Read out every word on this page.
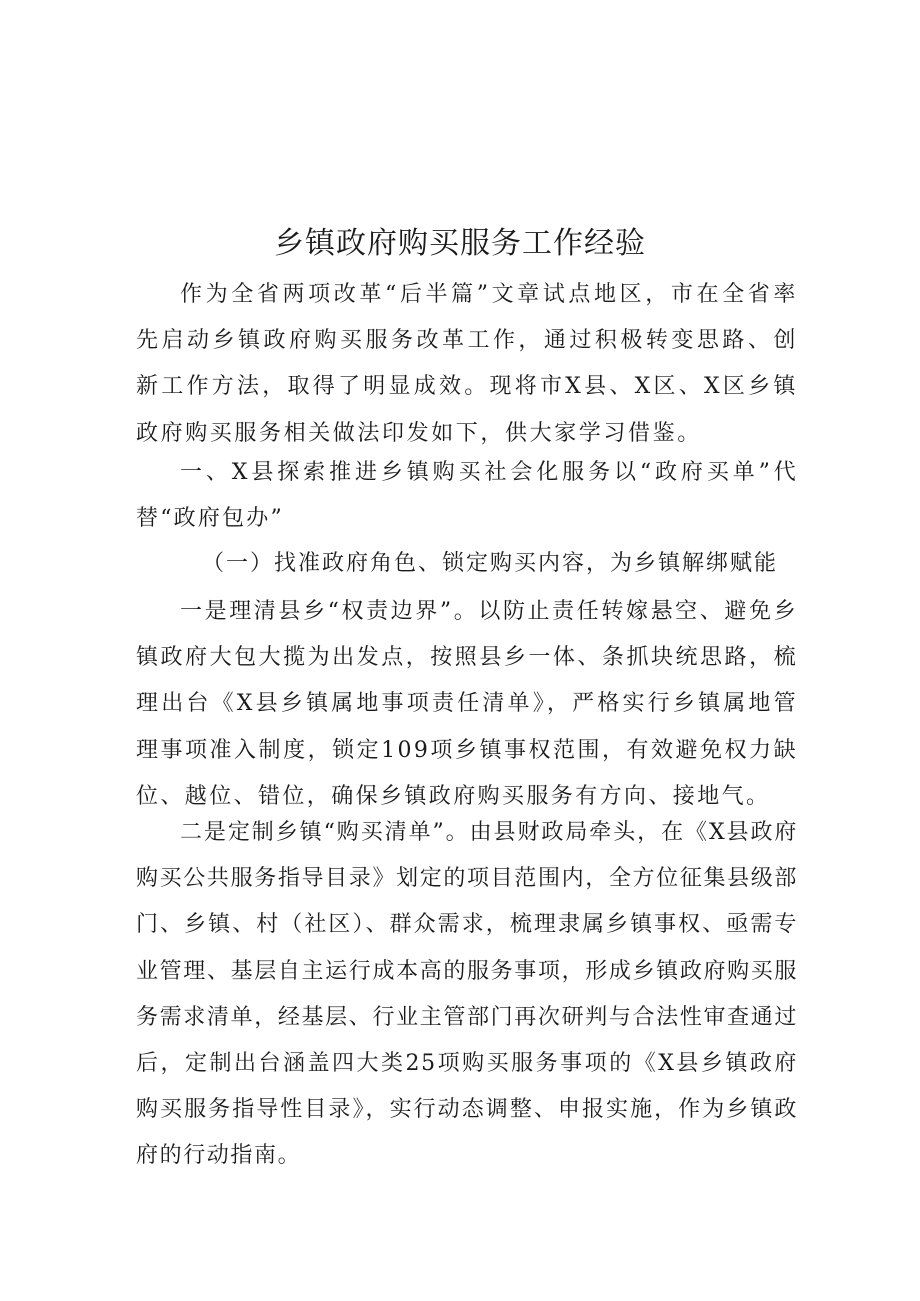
乡镇政府购买服务工作经验

作为全省两项改革“后半篇”文章试点地区，市在全省率先启动乡镇政府购买服务改革工作，通过积极转变思路、创新工作方法，取得了明显成效。现将市X县、X区、X区乡镇政府购买服务相关做法印发如下，供大家学习借鉴。

一、X县探索推进乡镇购买社会化服务以“政府买单”代替“政府包办”

（一）找准政府角色、锁定购买内容，为乡镇解绑赋能

一是理清县乡“权责边界”。以防止责任转嫁悬空、避免乡镇政府大包大揽为出发点，按照县乡一体、条抓块统思路，梳理出台《X县乡镇属地事项责任清单》，严格实行乡镇属地管理事项准入制度，锁定109项乡镇事权范围，有效避免权力缺位、越位、错位，确保乡镇政府购买服务有方向、接地气。

二是定制乡镇“购买清单”。由县财政局牵头，在《X县政府购买公共服务指导目录》划定的项目范围内，全方位征集县级部门、乡镇、村（社区）、群众需求，梳理隶属乡镇事权、亟需专业管理、基层自主运行成本高的服务事项，形成乡镇政府购买服务需求清单，经基层、行业主管部门再次研判与合法性审查通过后，定制出台涵盖四大类25项购买服务事项的《X县乡镇政府购买服务指导性目录》，实行动态调整、申报实施，作为乡镇政府的行动指南。
